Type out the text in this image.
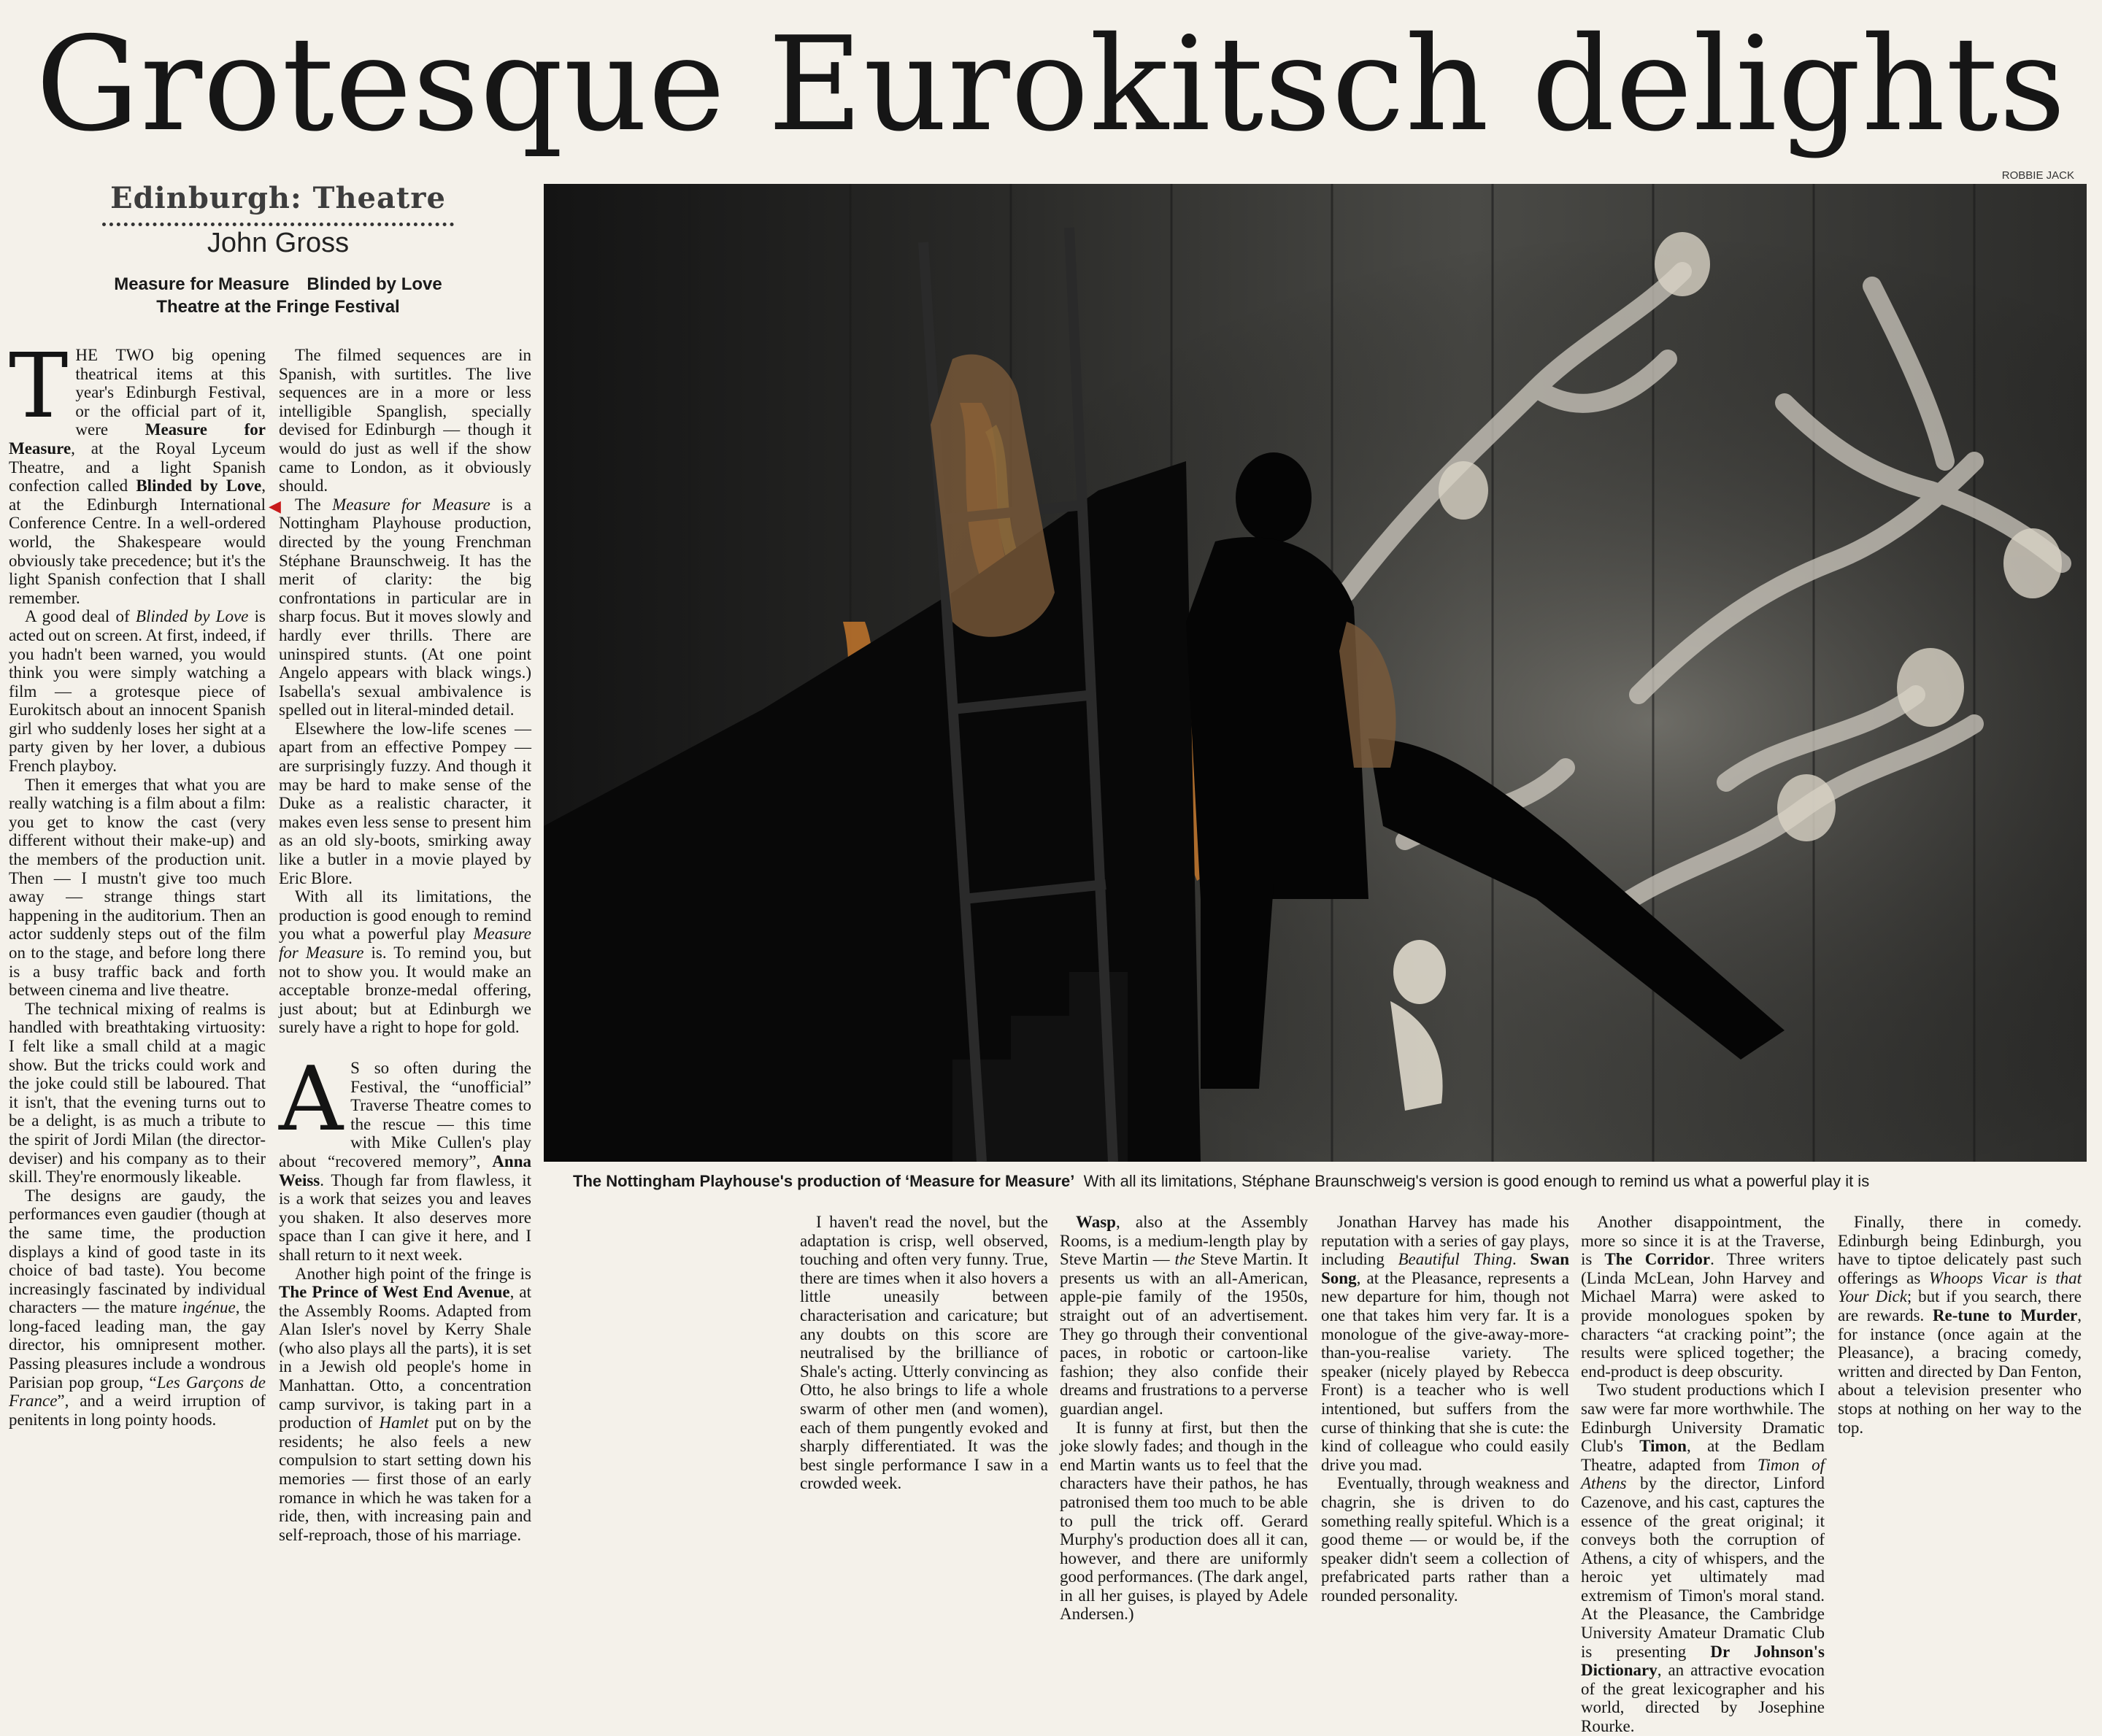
Grotesque Eurokitsch delights
Edinburgh: Theatre
John Gross
Measure for Measure Blinded by Love
Theatre at the Fringe Festival
ROBBIE JACK
The Nottingham Playhouse's production of ‘Measure for Measure’ With all its limitations, Stéphane Braunschweig's version is good enough to remind us what a powerful play it is

THE TWO big opening theatrical items at this year's Edinburgh Festival, or the official part of it, were Measure for Measure, at the Royal Lyceum Theatre, and a light Spanish confection called Blinded by Love, at the Edinburgh International Conference Centre. In a well-ordered world, the Shakespeare would obviously take precedence; but it's the light Spanish confection that I shall remember.

A good deal of Blinded by Love is acted out on screen. At first, indeed, if you hadn't been warned, you would think you were simply watching a film — a grotesque piece of Eurokitsch about an innocent Spanish girl who suddenly loses her sight at a party given by her lover, a dubious French playboy.

Then it emerges that what you are really watching is a film about a film: you get to know the cast (very different without their make-up) and the members of the production unit. Then — I mustn't give too much away — strange things start happening in the auditorium. Then an actor suddenly steps out of the film on to the stage, and before long there is a busy traffic back and forth between cinema and live theatre.

The technical mixing of realms is handled with breathtaking virtuosity: I felt like a small child at a magic show. But the tricks could work and the joke could still be laboured. That it isn't, that the evening turns out to be a delight, is as much a tribute to the spirit of Jordi Milan (the director-deviser) and his company as to their skill. They're enormously likeable.

The designs are gaudy, the performances even gaudier (though at the same time, the production displays a kind of good taste in its choice of bad taste). You become increasingly fascinated by individual characters — the mature ingénue, the long-faced leading man, the gay director, his omnipresent mother. Passing pleasures include a wondrous Parisian pop group, “Les Garçons de France”, and a weird irruption of penitents in long pointy hoods.

◀

The filmed sequences are in Spanish, with surtitles. The live sequences are in a more or less intelligible Spanglish, specially devised for Edinburgh — though it would do just as well if the show came to London, as it obviously should.

The Measure for Measure is a Nottingham Playhouse production, directed by the young Frenchman Stéphane Braunschweig. It has the merit of clarity: the big confrontations in particular are in sharp focus. But it moves slowly and hardly ever thrills. There are uninspired stunts. (At one point Angelo appears with black wings.) Isabella's sexual ambivalence is spelled out in literal-minded detail.

Elsewhere the low-life scenes — apart from an effective Pompey — are surprisingly fuzzy. And though it may be hard to make sense of the Duke as a realistic character, it makes even less sense to present him as an old sly-boots, smirking away like a butler in a movie played by Eric Blore.

With all its limitations, the production is good enough to remind you what a powerful play Measure for Measure is. To remind you, but not to show you. It would make an acceptable bronze-medal offering, just about; but at Edinburgh we surely have a right to hope for gold.

A S so often during the Festival, the “unofficial” Traverse Theatre comes to the rescue — this time with Mike Cullen's play about “recovered memory”, Anna Weiss. Though far from flawless, it is a work that seizes you and leaves you shaken. It also deserves more space than I can give it here, and I shall return to it next week.

Another high point of the fringe is The Prince of West End Avenue, at the Assembly Rooms. Adapted from Alan Isler's novel by Kerry Shale (who also plays all the parts), it is set in a Jewish old people's home in Manhattan. Otto, a concentration camp survivor, is taking part in a production of Hamlet put on by the residents; he also feels a new compulsion to start setting down his memories — first those of an early romance in which he was taken for a ride, then, with increasing pain and self-reproach, those of his marriage.

I haven't read the novel, but the adaptation is crisp, well observed, touching and often very funny. True, there are times when it also hovers a little uneasily between characterisation and caricature; but any doubts on this score are neutralised by the brilliance of Shale's acting. Utterly convincing as Otto, he also brings to life a whole swarm of other men (and women), each of them pungently evoked and sharply differentiated. It was the best single performance I saw in a crowded week.

Wasp, also at the Assembly Rooms, is a medium-length play by Steve Martin — the Steve Martin. It presents us with an all-American, apple-pie family of the 1950s, straight out of an advertisement. They go through their conventional paces, in robotic or cartoon-like fashion; they also confide their dreams and frustrations to a perverse guardian angel.

It is funny at first, but then the joke slowly fades; and though in the end Martin wants us to feel that the characters have their pathos, he has patronised them too much to be able to pull the trick off. Gerard Murphy's production does all it can, however, and there are uniformly good performances. (The dark angel, in all her guises, is played by Adele Andersen.)

Jonathan Harvey has made his reputation with a series of gay plays, including Beautiful Thing. Swan Song, at the Pleasance, represents a new departure for him, though not one that takes him very far. It is a monologue of the give-away-more-than-you-realise variety. The speaker (nicely played by Rebecca Front) is a teacher who is well intentioned, but suffers from the curse of thinking that she is cute: the kind of colleague who could easily drive you mad.

Eventually, through weakness and chagrin, she is driven to do something really spiteful. Which is a good theme — or would be, if the speaker didn't seem a collection of prefabricated parts rather than a rounded personality.

Another disappointment, the more so since it is at the Traverse, is The Corridor. Three writers (Linda McLean, John Harvey and Michael Marra) were asked to provide monologues spoken by characters “at cracking point”; the results were spliced together; the end-product is deep obscurity.

Two student productions which I saw were far more worthwhile. The Edinburgh University Dramatic Club's Timon, at the Bedlam Theatre, adapted from Timon of Athens by the director, Linford Cazenove, and his cast, captures the essence of the great original; it conveys both the corruption of Athens, a city of whispers, and the heroic yet ultimately mad extremism of Timon's moral stand. At the Pleasance, the Cambridge University Amateur Dramatic Club is presenting Dr Johnson's Dictionary, an attractive evocation of the great lexicographer and his world, directed by Josephine Rourke.

Finally, there in comedy. Edinburgh being Edinburgh, you have to tiptoe delicately past such offerings as Whoops Vicar is that Your Dick; but if you search, there are rewards. Re-tune to Murder, for instance (once again at the Pleasance), a bracing comedy, written and directed by Dan Fenton, about a television presenter who stops at nothing on her way to the top.
